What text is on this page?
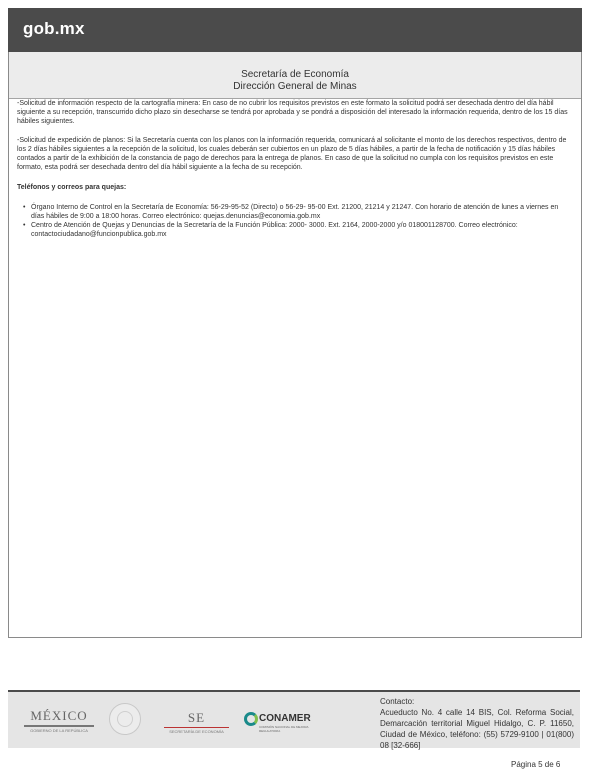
gob.mx
Secretaría de Economía
Dirección General de Minas

-Solicitud de información respecto de la cartografía minera: En caso de no cubrir los requisitos previstos en este formato la solicitud podrá ser desechada dentro del día hábil siguiente a su recepción, transcurrido dicho plazo sin desecharse se tendrá por aprobada y se pondrá a disposición del interesado la información requerida, dentro de los 15 días hábiles siguientes.

-Solicitud de expedición de planos: Si la Secretaría cuenta con los planos con la información requerida, comunicará al solicitante el monto de los derechos respectivos, dentro de los 2 días hábiles siguientes a la recepción de la solicitud, los cuales deberán ser cubiertos en un plazo de 5 días hábiles, a partir de la fecha de notificación y 15 días hábiles contados a partir de la exhibición de la constancia de pago de derechos para la entrega de planos. En caso de que la solicitud no cumpla con los requisitos previstos en este formato, esta podrá ser desechada dentro del día hábil siguiente a la fecha de su recepción.

Teléfonos y correos para quejas:

• Órgano Interno de Control en la Secretaría de Economía: 56-29-95-52 (Directo) o 56-29- 95-00 Ext. 21200, 21214 y 21247. Con horario de atención de lunes a viernes en días hábiles de 9:00 a 18:00 horas. Correo electrónico: quejas.denuncias@economia.gob.mx
• Centro de Atención de Quejas y Denuncias de la Secretaría de la Función Pública: 2000- 3000. Ext. 2164, 2000-2000 y/o 018001128700. Correo electrónico: contactociudadano@funcionpublica.gob.mx
MÉXICO
GOBIERNO DE LA REPÚBLICA
SE
SECRETARÍA DE ECONOMÍA
CONAMER
COMISIÓN NACIONAL DE MEJORA REGULATORIA
Contacto:
Acueducto No. 4 calle 14 BIS, Col. Reforma Social, Demarcación territorial Miguel Hidalgo, C. P. 11650, Ciudad de México, teléfono: (55) 5729-9100 | 01(800) 08 [32-666]
Página 5 de 6
